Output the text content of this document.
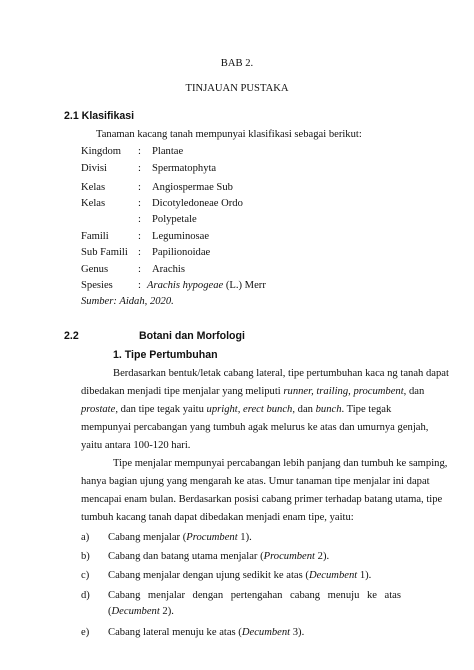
BAB 2.
TINJAUAN PUSTAKA
2.1 Klasifikasi
Tanaman kacang tanah mempunyai klasifikasi sebagai berikut:
Kingdom : Plantae
Divisi	: Spermatophyta
Kelas	: Angiospermae Sub
Kelas	: Dicotyledoneae Ordo
: Polypetale
Famili	: Leguminosae
Sub Famili : Papilionoidae
Genus	: Arachis
Spesies : Arachis hypogeae (L.) Merr
Sumber: Aidah, 2020.
2.2	Botani dan Morfologi
1. Tipe Pertumbuhan
Berdasarkan bentuk/letak cabang lateral, tipe pertumbuhan kaca ng tanah dapat
dibedakan menjadi tipe menjalar yang meliputi runner, trailing, procumbent, dan
prostate, dan tipe tegak yaitu upright, erect bunch, dan bunch. Tipe tegak
mempunyai percabangan yang tumbuh agak melurus ke atas dan umurnya genjah,
yaitu antara 100-120 hari.
Tipe menjalar mempunyai percabangan lebih panjang dan tumbuh ke samping,
hanya bagian ujung yang mengarah ke atas. Umur tanaman tipe menjalar ini dapat
mencapai enam bulan. Berdasarkan posisi cabang primer terhadap batang utama, tipe
tumbuh kacang tanah dapat dibedakan menjadi enam tipe, yaitu:
a) Cabang menjalar (Procumbent 1).
b) Cabang dan batang utama menjalar (Procumbent 2).
c) Cabang menjalar dengan ujung sedikit ke atas (Decumbent 1).
d) Cabang menjalar dengan pertengahan cabang menuju ke atas
(Decumbent 2).
e) Cabang lateral menuju ke atas (Decumbent 3).
